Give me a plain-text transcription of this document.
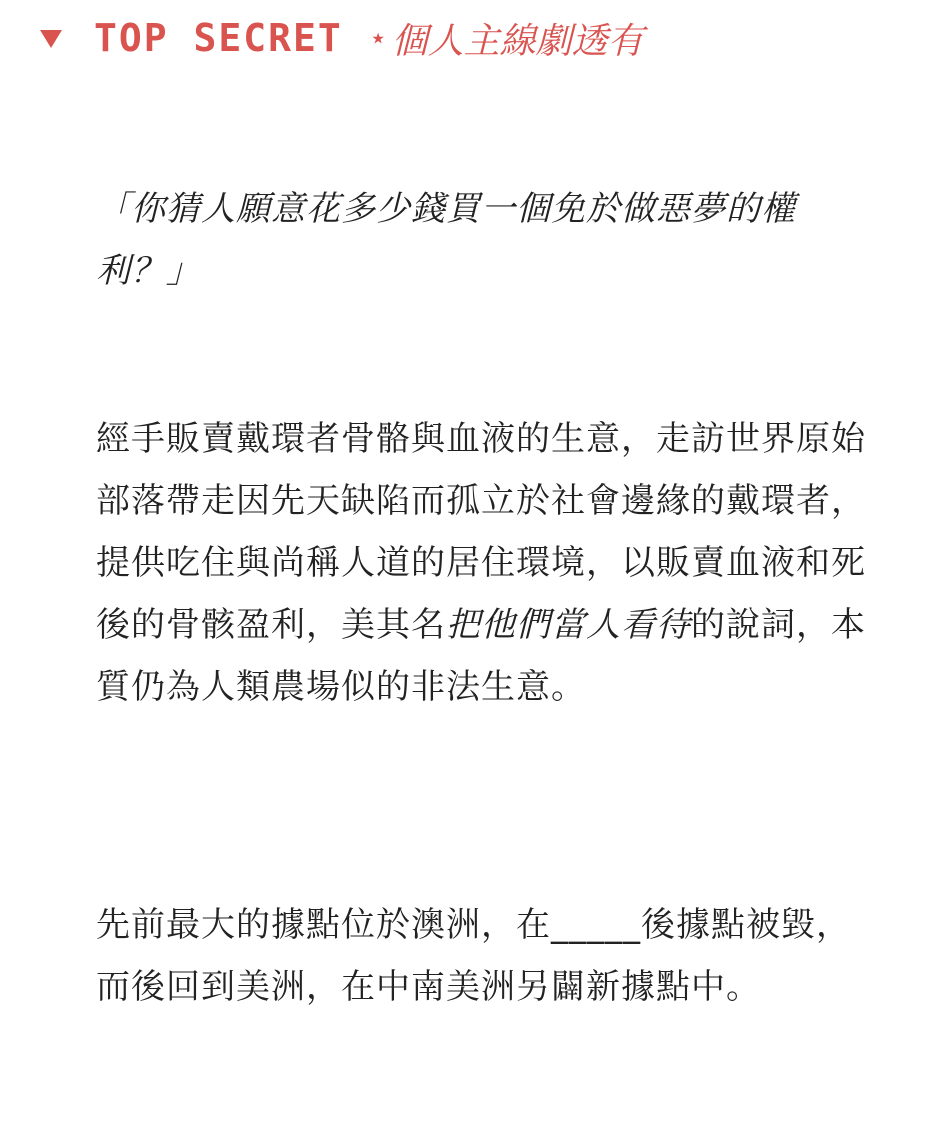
TOP SECRET ⋆ 個人主線劇透有

「你猜人願意花多少錢買一個免於做惡夢的權利？」

經手販賣戴環者骨骼與血液的生意，走訪世界原始部落帶走因先天缺陷而孤立於社會邊緣的戴環者，提供吃住與尚稱人道的居住環境，以販賣血液和死後的骨骸盈利，美其名把他們當人看待的說詞，本質仍為人類農場似的非法生意。

先前最大的據點位於澳洲，在_____後據點被毀，而後回到美洲，在中南美洲另闢新據點中。
